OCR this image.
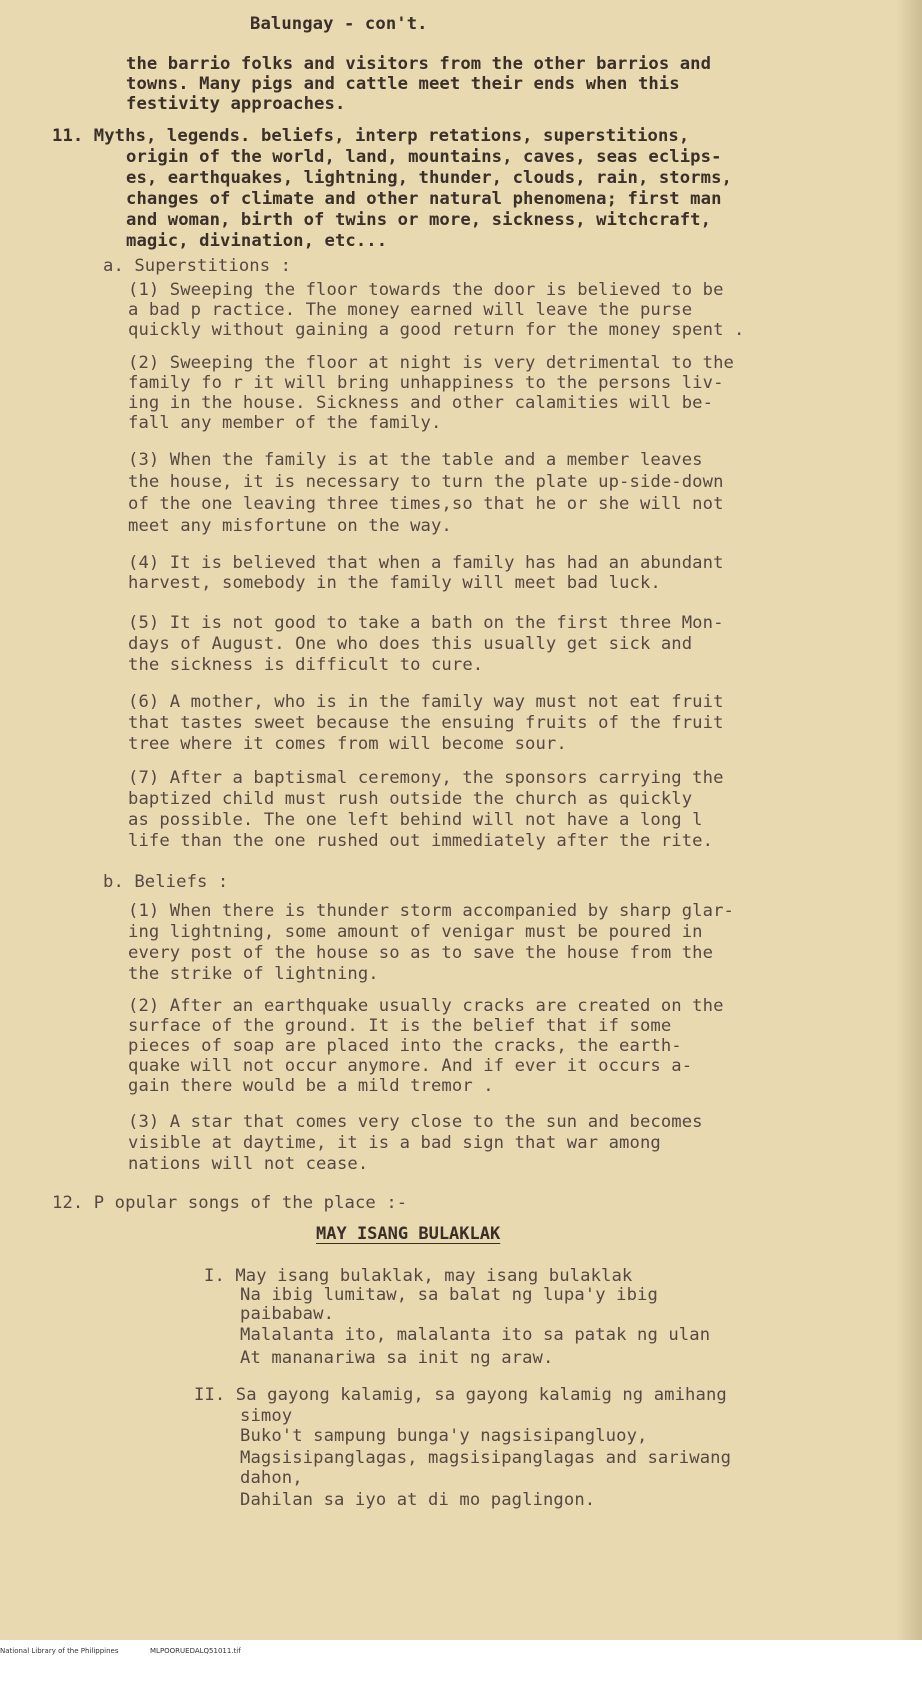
Balungay - con't.
the barrio folks and visitors from the other barrios and
towns. Many pigs and cattle meet their ends when this
festivity approaches.
11. Myths, legends. beliefs, interp retations, superstitions,
origin of the world, land, mountains, caves, seas eclips-
es, earthquakes, lightning, thunder, clouds, rain, storms,
changes of climate and other natural phenomena; first man
and woman, birth of twins or more, sickness, witchcraft,
magic, divination, etc...
a. Superstitions :
(1) Sweeping the floor towards the door is believed to be
a bad p ractice. The money earned will leave the purse
quickly without gaining a good return for the money spent .
(2) Sweeping the floor at night is very detrimental to the
family fo r it will bring unhappiness to the persons liv-
ing in the house. Sickness and other calamities will be-
fall any member of the family.
(3) When the family is at the table and a member leaves
the house, it is necessary to turn the plate up-side-down
of the one leaving three times,so that he or she will not
meet any misfortune on the way.
(4) It is believed that when a family has had an abundant
harvest, somebody in the family will meet bad luck.
(5) It is not good to take a bath on the first three Mon-
days of August. One who does this usually get sick and
the sickness is difficult to cure.
(6) A mother, who is in the family way must not eat fruit
that tastes sweet because the ensuing fruits of the fruit
tree where it comes from will become sour.
(7) After a baptismal ceremony, the sponsors carrying the
baptized child must rush outside the church as quickly
as possible. The one left behind will not have a long l
life than the one rushed out immediately after the rite.
b. Beliefs :
(1) When there is thunder storm accompanied by sharp glar-
ing lightning, some amount of venigar must be poured in
every post of the house so as to save the house from the
the strike of lightning.
(2) After an earthquake usually cracks are created on the
surface of the ground. It is the belief that if some
pieces of soap are placed into the cracks, the earth-
quake will not occur anymore. And if ever it occurs a-
gain there would be a mild tremor .
(3) A star that comes very close to the sun and becomes
visible at daytime, it is a bad sign that war among
nations will not cease.
12. P opular songs of the place :-
MAY ISANG BULAKLAK
I. May isang bulaklak, may isang bulaklak
Na ibig lumitaw, sa balat ng lupa'y ibig
paibabaw.
Malalanta ito, malalanta ito sa patak ng ulan
At mananariwa sa init ng araw.
II. Sa gayong kalamig, sa gayong kalamig ng amihang
simoy
Buko't sampung bunga'y nagsisipangluoy,
Magsisipanglagas, magsisipanglagas and sariwang
dahon,
Dahilan sa iyo at di mo paglingon.

National Library of the Philippines

	MLPOORUEDALQ51011.tif
